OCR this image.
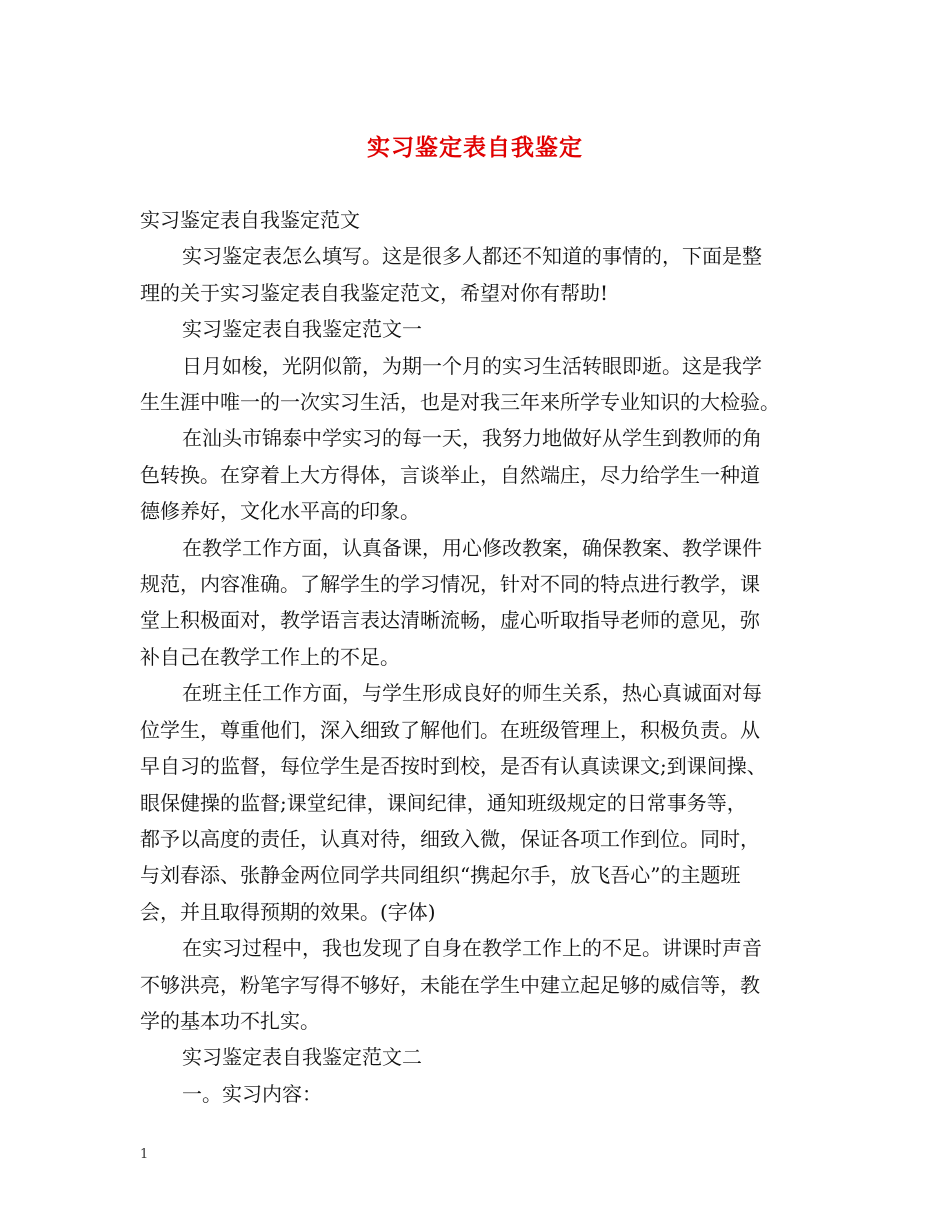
实习鉴定表自我鉴定

实习鉴定表自我鉴定范文

实习鉴定表怎么填写。这是很多人都还不知道的事情的，下面是整

理的关于实习鉴定表自我鉴定范文，希望对你有帮助!

实习鉴定表自我鉴定范文一

日月如梭，光阴似箭，为期一个月的实习生活转眼即逝。这是我学

生生涯中唯一的一次实习生活，也是对我三年来所学专业知识的大检验。

在汕头市锦泰中学实习的每一天，我努力地做好从学生到教师的角

色转换。在穿着上大方得体，言谈举止，自然端庄，尽力给学生一种道

德修养好，文化水平高的印象。

在教学工作方面，认真备课，用心修改教案，确保教案、教学课件

规范，内容准确。了解学生的学习情况，针对不同的特点进行教学，课

堂上积极面对，教学语言表达清晰流畅，虚心听取指导老师的意见，弥

补自己在教学工作上的不足。

在班主任工作方面，与学生形成良好的师生关系，热心真诚面对每

位学生，尊重他们，深入细致了解他们。在班级管理上，积极负责。从

早自习的监督，每位学生是否按时到校，是否有认真读课文;到课间操、

眼保健操的监督;课堂纪律，课间纪律，通知班级规定的日常事务等，

都予以高度的责任，认真对待，细致入微，保证各项工作到位。同时，

与刘春添、张静金两位同学共同组织“携起尔手，放飞吾心”的主题班

会，并且取得预期的效果。(字体)

在实习过程中，我也发现了自身在教学工作上的不足。讲课时声音

不够洪亮，粉笔字写得不够好，未能在学生中建立起足够的威信等，教

学的基本功不扎实。

实习鉴定表自我鉴定范文二

一。实习内容：

1
